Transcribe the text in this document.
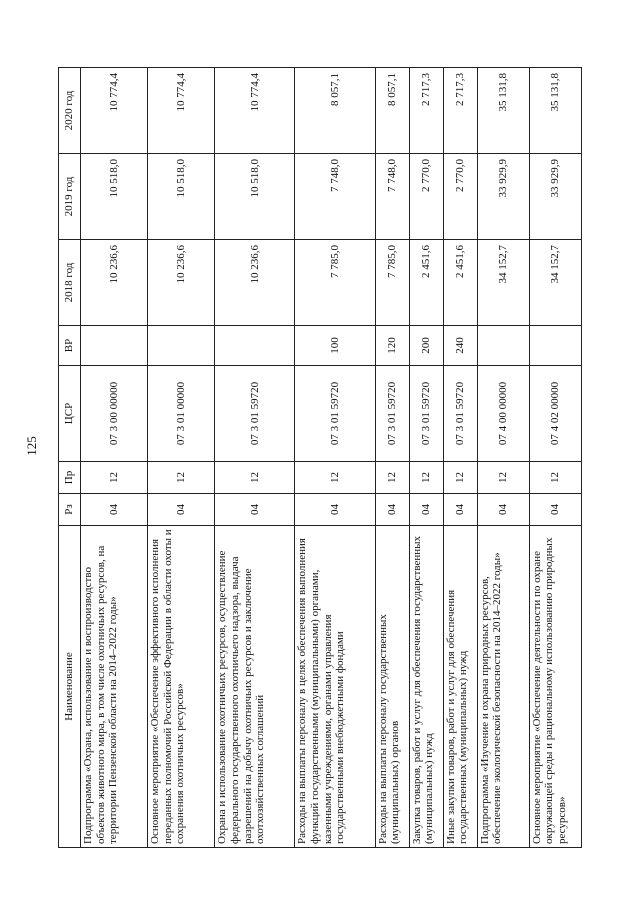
125
Наименование	Рз	Пр	ЦСР	ВР	2018 год	2019 год	2020 год
Подпрограмма «Охрана, использование и воспроизводство объектов животного мира, в том числе охотничьих ресурсов, на территории Пензенской области на 2014–2022 годы»	04	12	07 3 00 00000		10 236,6	10 518,0	10 774,4
Основное мероприятие «Обеспечение эффективного исполнения переданных полномочий Российской Федерации в области охоты и сохранения охотничьих ресурсов»	04	12	07 3 01 00000		10 236,6	10 518,0	10 774,4
Охрана и использование охотничьих ресурсов, осуществление федерального государственного охотничьего надзора, выдача разрешений на добычу охотничьих ресурсов и заключение охотхозяйственных соглашений	04	12	07 3 01 59720		10 236,6	10 518,0	10 774,4
Расходы на выплаты персоналу в целях обеспечения выполнения функций государственными (муниципальными) органами, казенными учреждениями, органами управления государственными внебюджетными фондами	04	12	07 3 01 59720	100	7 785,0	7 748,0	8 057,1
Расходы на выплаты персоналу государственных (муниципальных) органов	04	12	07 3 01 59720	120	7 785,0	7 748,0	8 057,1
Закупка товаров, работ и услуг для обеспечения государственных (муниципальных) нужд	04	12	07 3 01 59720	200	2 451,6	2 770,0	2 717,3
Иные закупки товаров, работ и услуг для обеспечения государственных (муниципальных) нужд	04	12	07 3 01 59720	240	2 451,6	2 770,0	2 717,3
Подпрограмма «Изучение и охрана природных ресурсов, обеспечение экологической безопасности на 2014–2022 годы»	04	12	07 4 00 00000		34 152,7	33 929,9	35 131,8
Основное мероприятие «Обеспечение деятельности по охране окружающей среды и рациональному использованию природных ресурсов»	04	12	07 4 02 00000		34 152,7	33 929,9	35 131,8
